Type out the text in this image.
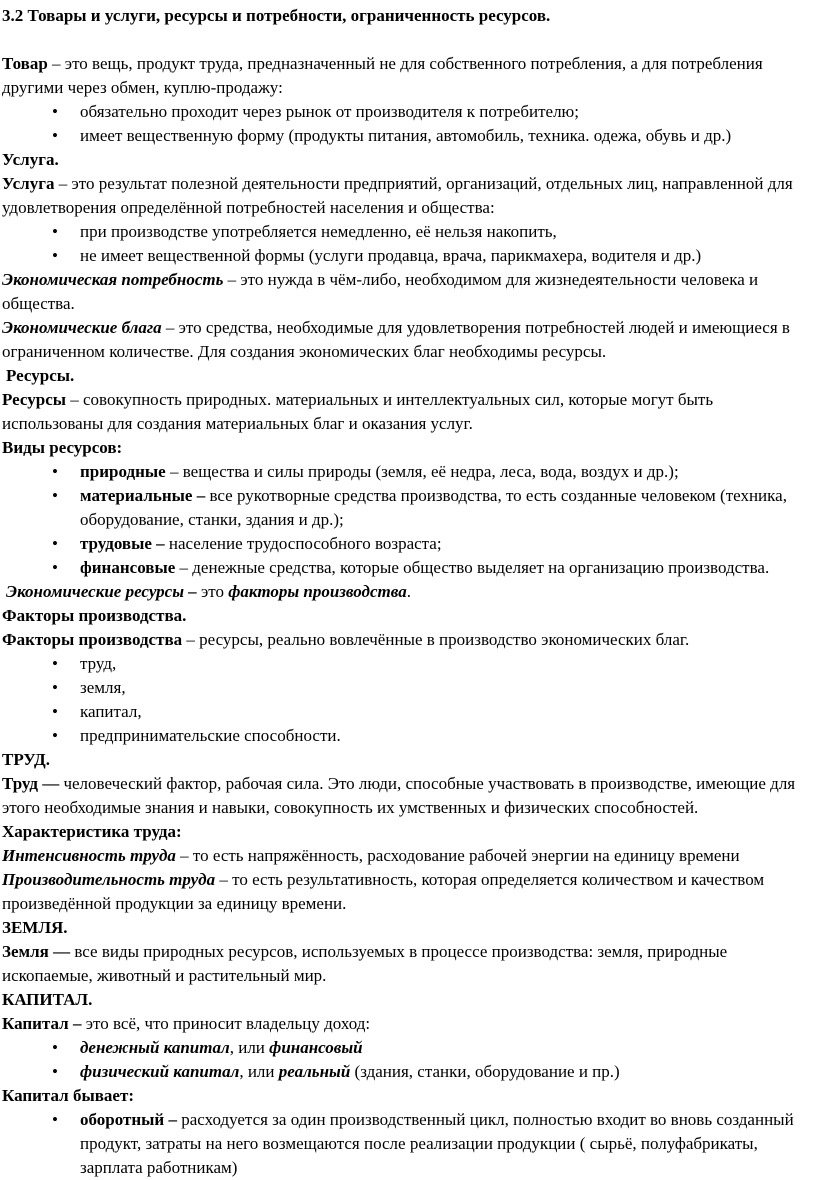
3.2 Товары и услуги, ресурсы и потребности, ограниченность ресурсов.

Товар – это вещь, продукт труда, предназначенный не для собственного потребления, а для потребления другими через обмен, куплю-продажу:

• обязательно проходит через рынок от производителя к потребителю;
• имеет вещественную форму (продукты питания, автомобиль, техника. одежа, обувь и др.)

Услуга.

Услуга – это результат полезной деятельности предприятий, организаций, отдельных лиц, направленной для удовлетворения определённой потребностей населения и общества:

• при производстве употребляется немедленно, её нельзя накопить,
• не имеет вещественной формы (услуги продавца, врача, парикмахера, водителя и др.)

Экономическая потребность – это нужда в чём-либо, необходимом для жизнедеятельности человека и общества.

Экономические блага – это средства, необходимые для удовлетворения потребностей людей и имеющиеся в ограниченном количестве. Для создания экономических благ необходимы ресурсы.

Ресурсы.

Ресурсы – совокупность природных. материальных и интеллектуальных сил, которые могут быть использованы для создания материальных благ и оказания услуг.

Виды ресурсов:

• природные – вещества и силы природы (земля, её недра, леса, вода, воздух и др.);
• материальные – все рукотворные средства производства, то есть созданные человеком (техника, оборудование, станки, здания и др.);
• трудовые – население трудоспособного возраста;
• финансовые – денежные средства, которые общество выделяет на организацию производства.

Экономические ресурсы – это факторы производства.

Факторы производства.

Факторы производства – ресурсы, реально вовлечённые в производство экономических благ.

• труд,
• земля,
• капитал,
• предпринимательские способности.

ТРУД.

Труд — человеческий фактор, рабочая сила. Это люди, способные участвовать в производстве, имеющие для этого необходимые знания и навыки, совокупность их умственных и физических способностей.

Характеристика труда:

Интенсивность труда – то есть напряжённость, расходование рабочей энергии на единицу времени

Производительность труда – то есть результативность, которая определяется количеством и качеством произведённой продукции за единицу времени.

ЗЕМЛЯ.

Земля — все виды природных ресурсов, используемых в процессе производства: земля, природные ископаемые, животный и растительный мир.

КАПИТАЛ.

Капитал – это всё, что приносит владельцу доход:

• денежный капитал, или финансовый
• физический капитал, или реальный (здания, станки, оборудование и пр.)

Капитал бывает:

• оборотный – расходуется за один производственный цикл, полностью входит во вновь созданный продукт, затраты на него возмещаются после реализации продукции ( сырьё, полуфабрикаты, зарплата работникам)
